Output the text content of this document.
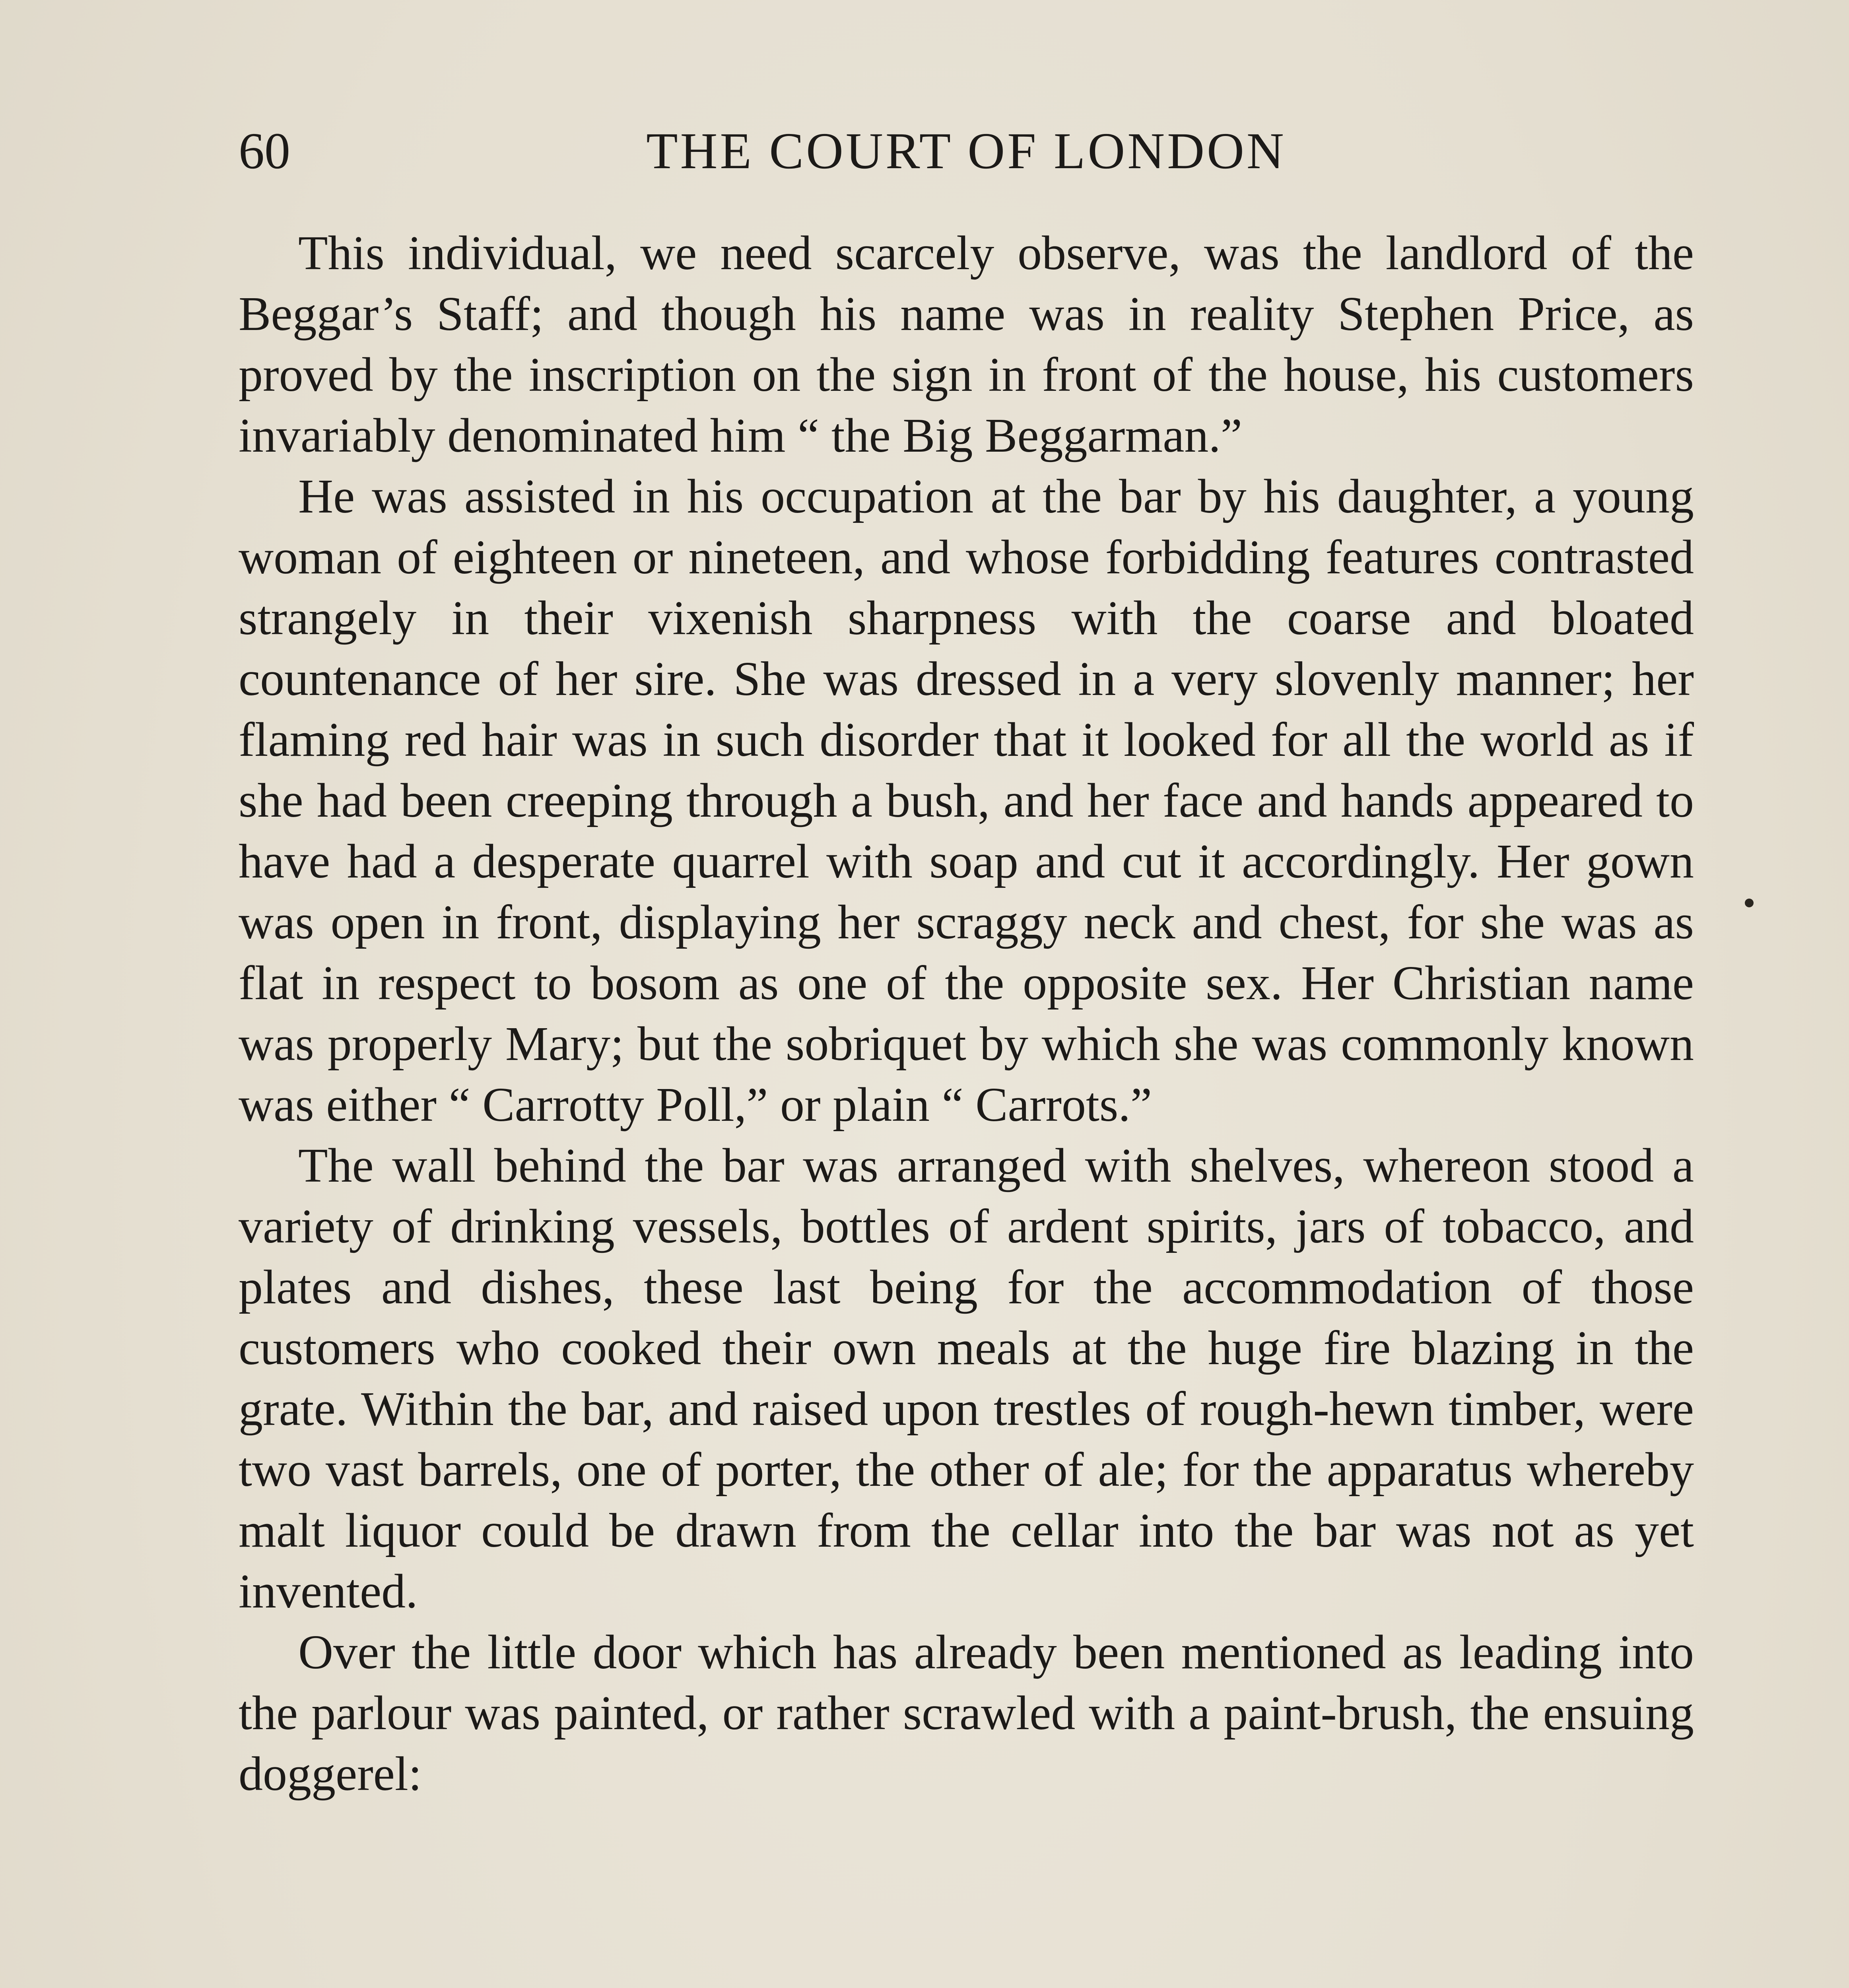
60	THE COURT OF LONDON

This individual, we need scarcely observe, was the landlord of the Beggar’s Staff; and though his name was in reality Stephen Price, as proved by the inscription on the sign in front of the house, his customers invariably denominated him “ the Big Beggarman.”

He was assisted in his occupation at the bar by his daughter, a young woman of eighteen or nineteen, and whose forbidding features contrasted strangely in their vixenish sharpness with the coarse and bloated countenance of her sire. She was dressed in a very slovenly manner; her flaming red hair was in such disorder that it looked for all the world as if she had been creeping through a bush, and her face and hands appeared to have had a desperate quarrel with soap and cut it accordingly. Her gown was open in front, displaying her scraggy neck and chest, for she was as flat in respect to bosom as one of the opposite sex. Her Christian name was properly Mary; but the sobriquet by which she was commonly known was either “ Carrotty Poll,” or plain “ Carrots.”

The wall behind the bar was arranged with shelves, whereon stood a variety of drinking vessels, bottles of ardent spirits, jars of tobacco, and plates and dishes, these last being for the accommodation of those customers who cooked their own meals at the huge fire blazing in the grate. Within the bar, and raised upon trestles of rough-hewn timber, were two vast barrels, one of porter, the other of ale; for the apparatus whereby malt liquor could be drawn from the cellar into the bar was not as yet invented.

Over the little door which has already been mentioned as leading into the parlour was painted, or rather scrawled with a paint-brush, the ensuing doggerel:
